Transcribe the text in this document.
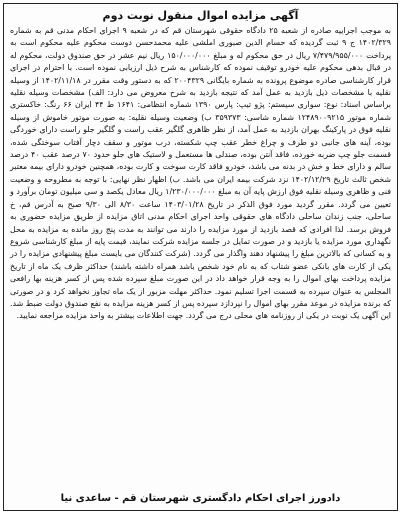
آگهی مزایده اموال منقول نوبت دوم

به موجب اجراییه صادره از شعبه ۲۵ دادگاه حقوقی شهرستان قم که در شعبه ۹ اجرای احکام مدنی قم به شماره ۱۴۰۲/۳۲۹ ج ۹ ثبت گردیده که حسام الدین صبوری املشی علیه محمدحسن دوست محکوم علیه محکوم است به پرداخت ۷/۴۷۹/۹۵۵/۰۰۰ ریال در حق محکوم له و مبلغ ۱۵۰/۰۰۰/۰۰۰ ریال نیم عشر در حق صندوق دولت، محکوم له در قبال بدهی محکوم علیه خودرو توقیف نموده که کارشناس به شرح ذیل ارزیابی نموده است. با احترام در اجرای قرار کارشناسی صادره موضوع پرونده به شماره بایگانی ۲۰۰۴۳۲۹ که به دستور وقت مقرر در ۱۴۰۲/۱۱/۱۸ از وسیله نقلیه با مشخصات ذیل بازدید به عمل آمد که نتیجه بازدید به شرح معروض می دارد: الف) مشخصات وسیله نقلیه براساس اسناد: نوع: سواری سیستم: پژو تیپ: پارس ۱۳۹۰ شماره انتظامی: ۱۶۴۱ ط ۴۴ ایران ۶۶ رنگ: خاکستری شماره موتور ۱۲۴۸۹۰۰۹۲۱۵ شماره شاسی: ۳۵۹۳۷۳ ب) وضعیت وسیله نقلیه: به صورت موتور خاموش از وسیله نقلیه فوق در پارکینگ بهران بازدید به عمل آمد، از نظر ظاهری گلگیر عقب راست و گلگیر جلو راست دارای خوردگی بوده، آینه های جانبی دو طرف و چراغ خطر عقب چپ شکسته، درب موتور و سقف دچار آفتاب سوختگی شده، قسمت جلو چپ ضربه خورده، فاقد آنتن بوده، صندلی ها مستعمل و لاستیک های جلو حدود ۷۰ درصد عقب ۴۰ درصد سالم و دارای خط و خش در بدنه می باشد، خودرو فاقد کارت سوخت و کارت بوده، همچنین خودرو دارای بیمه معتبر شخص ثالث تاریخ ۱۴۰۲/۱۲/۲۹ نزد شرکت بیمه ایران می باشد. ب) اظهار نظر نهایی: با توجه به مطروحه و وضعیت فنی و ظاهری وسیله نقلیه فوق ارزش پایه آن به مبلغ ۱/۲۳۰/۰۰۰/۰۰۰ ریال معادل یکصد و سی میلیون تومان برآورد و تعیین می گردد. مقرر گردید مورد فوق الذکر در تاریخ ۱۴۰۳/۰۱/۲۸ ساعت ۸/۳۰ الی ۹/۳۰ صبح به آدرس قم، خ ساحلی، جنب زندان ساحلی دادگاه های حقوقی واحد اجرای احکام مدنی اتاق مزایده از طریق مزایده حضوری به فروش برسد. لذا افرادی که قصد بازدید از مورد مزایده را دارند می توانند به مدت پنج روز مانده به مزایده به محل نگهداری مورد مزایده یا بازدید و در صورت تمایل در جلسه مزایده شرکت نمایند، قیمت پایه از مبلغ کارشناسی شروع و به کسانی که بالاترین مبلغ را پیشنهاد دهند واگذار می گردد. (شرکت کنندگان می بایست مبلغ پیشنهادی مزایده را در یکی از کارت های بانکی عضو شتاب که به نام خود شخص باشد همراه داشته باشند) حداکثر ظرف یک ماه از تاریخ مزایده پرداخت بهای اموال را به وجه قرار خواهد داد در این صورت مبلغ سپرده شده پس از کسر هزینه بها رافعی المجلس به عنوان سپرده به قسمت اجرا تسلیم نمود. حداکثر مهلت مزبور از یک ماه تجاوز نخواهد کرد و در صورتی که برنده مزایده در موعد مقرر بهای اموال را نپردازد سپرده پس از کسر هزینه مزایده به نفع صندوق دولت ضبط شد. این آگهی یک نوبت در یکی از روزنامه های محلی درج می گردد. جهت اطلاعات بیشتر به واحد مزایده مراجعه نمایید.

دادورز اجرای احکام دادگستری شهرستان قم - ساعدی نیا
